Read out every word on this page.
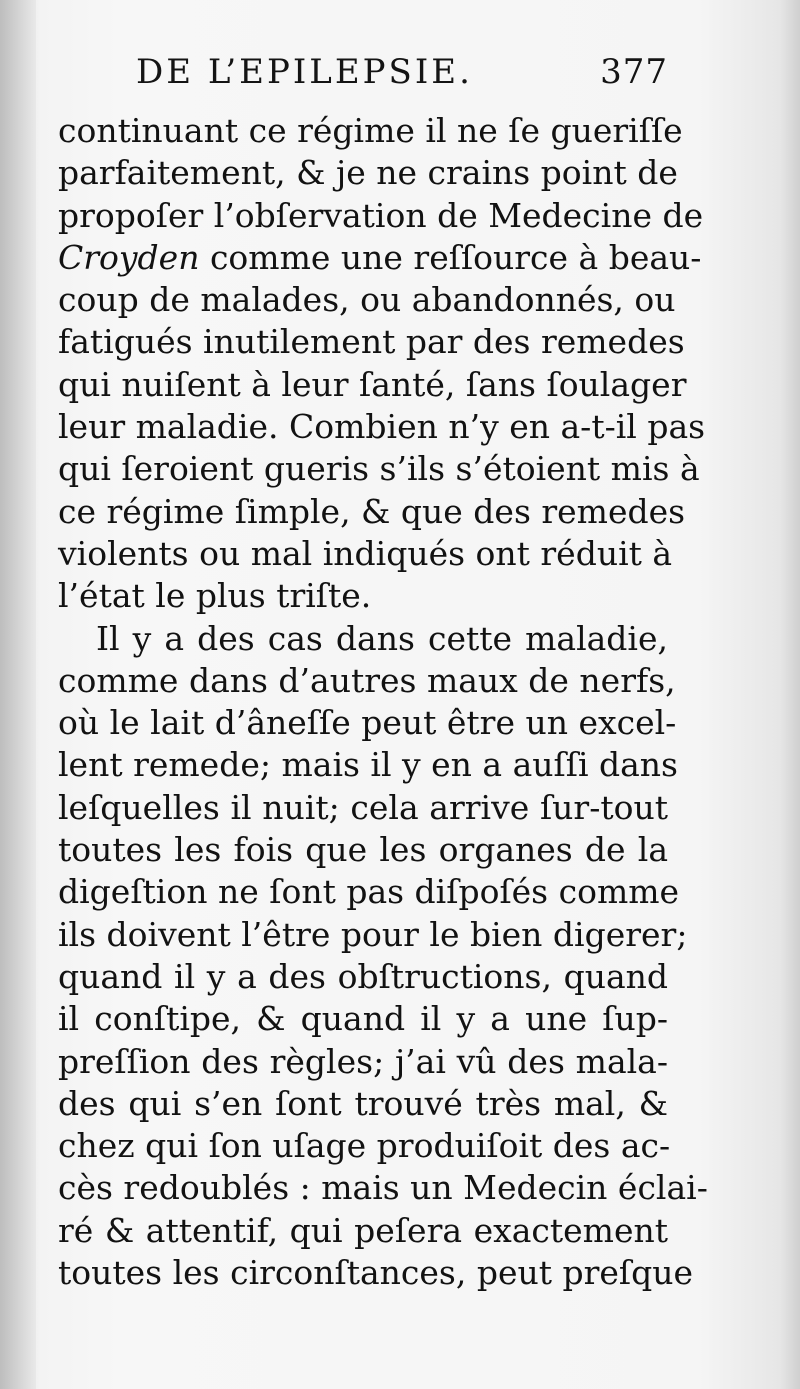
DE L’EPILEPSIE.	377
continuant ce régime il ne ſe gueriſſe
parfaitement, & je ne crains point de
propoſer l’obſervation de Medecine de
Croyden comme une reſſource à beau-
coup de malades, ou abandonnés, ou
fatigués inutilement par des remedes
qui nuiſent à leur ſanté, ſans ſoulager
leur maladie. Combien n’y en a-t-il pas
qui ſeroient gueris s’ils s’étoient mis à
ce régime ſimple, & que des remedes
violents ou mal indiqués ont réduit à
l’état le plus triſte.
Il y a des cas dans cette maladie,
comme dans d’autres maux de nerfs,
où le lait d’âneſſe peut être un excel-
lent remede; mais il y en a auſſi dans
leſquelles il nuit; cela arrive ſur-tout
toutes les fois que les organes de la
digeſtion ne ſont pas diſpoſés comme
ils doivent l’être pour le bien digerer;
quand il y a des obſtructions, quand
il conſtipe, & quand il y a une ſup-
preſſion des règles; j’ai vû des mala-
des qui s’en ſont trouvé très mal, &
chez qui ſon uſage produiſoit des ac-
cès redoublés : mais un Medecin éclai-
ré & attentif, qui peſera exactement
toutes les circonſtances, peut preſque
